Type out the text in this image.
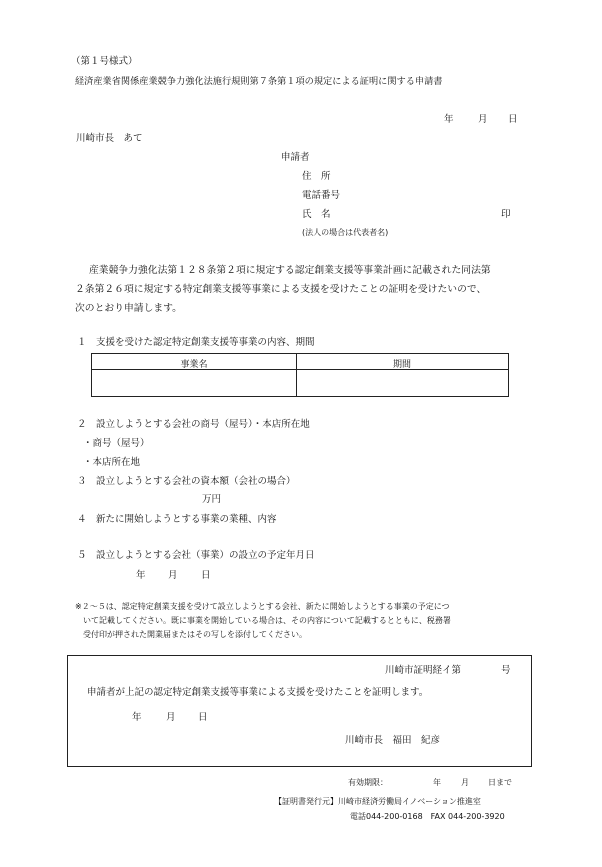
（第１号様式）
経済産業省関係産業競争力強化法施行規則第７条第１項の規定による証明に関する申請書
年	月 日
川崎市長　あて
申請者
住　所
電話番号
氏　名	印
(法人の場合は代表者名)
産業競争力強化法第１２８条第２項に規定する認定創業支援等事業計画に記載された同法第
２条第２６項に規定する特定創業支援等事業による支援を受けたことの証明を受けたいので、
次のとおり申請します。
１　支援を受けた認定特定創業支援等事業の内容、期間
事業名	期間
２　設立しようとする会社の商号（屋号）・本店所在地
・商号（屋号）
・本店所在地
３　設立しようとする会社の資本額（会社の場合）
万円
４　新たに開始しようとする事業の業種、内容
５　設立しようとする会社（事業）の設立の予定年月日
年 月 日
※２～５は、認定特定創業支援を受けて設立しようとする会社、新たに開始しようとする事業の予定につ
いて記載してください。既に事業を開始している場合は、その内容について記載するとともに、税務署
受付印が押された開業届またはその写しを添付してください。
川崎市証明経イ第	号
申請者が上記の認定特定創業支援等事業による支援を受けたことを証明します。
年	月 日
川崎市長　福田　紀彦
有効期限：	年	月 日まで
【証明書発行元】川崎市経済労働局イノベーション推進室
電話044-200-0168　FAX 044-200-3920
